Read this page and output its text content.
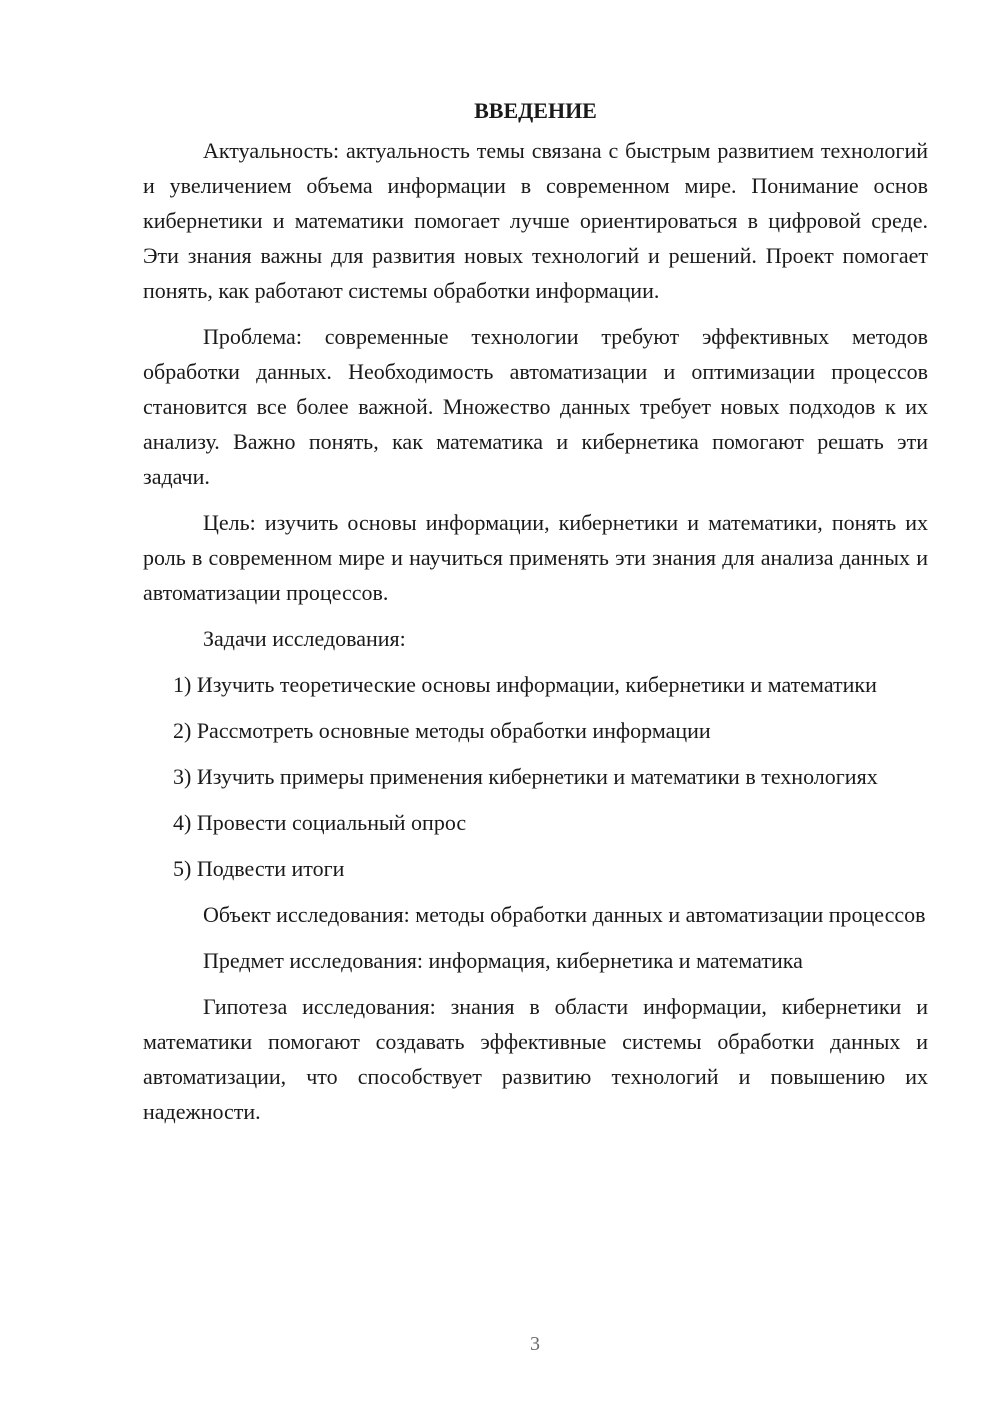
ВВЕДЕНИЕ

Актуальность: актуальность темы связана с быстрым развитием технологий и увеличением объема информации в современном мире. Понимание основ кибернетики и математики помогает лучше ориентироваться в цифровой среде. Эти знания важны для развития новых технологий и решений. Проект помогает понять, как работают системы обработки информации.

Проблема: современные технологии требуют эффективных методов обработки данных. Необходимость автоматизации и оптимизации процессов становится все более важной. Множество данных требует новых подходов к их анализу. Важно понять, как математика и кибернетика помогают решать эти задачи.

Цель: изучить основы информации, кибернетики и математики, понять их роль в современном мире и научиться применять эти знания для анализа данных и автоматизации процессов.

Задачи исследования:

1) Изучить теоретические основы информации, кибернетики и математики

2) Рассмотреть основные методы обработки информации

3) Изучить примеры применения кибернетики и математики в технологиях

4) Провести социальный опрос

5) Подвести итоги

Объект исследования: методы обработки данных и автоматизации процессов

Предмет исследования: информация, кибернетика и математика

Гипотеза исследования: знания в области информации, кибернетики и математики помогают создавать эффективные системы обработки данных и автоматизации, что способствует развитию технологий и повышению их надежности.

3
